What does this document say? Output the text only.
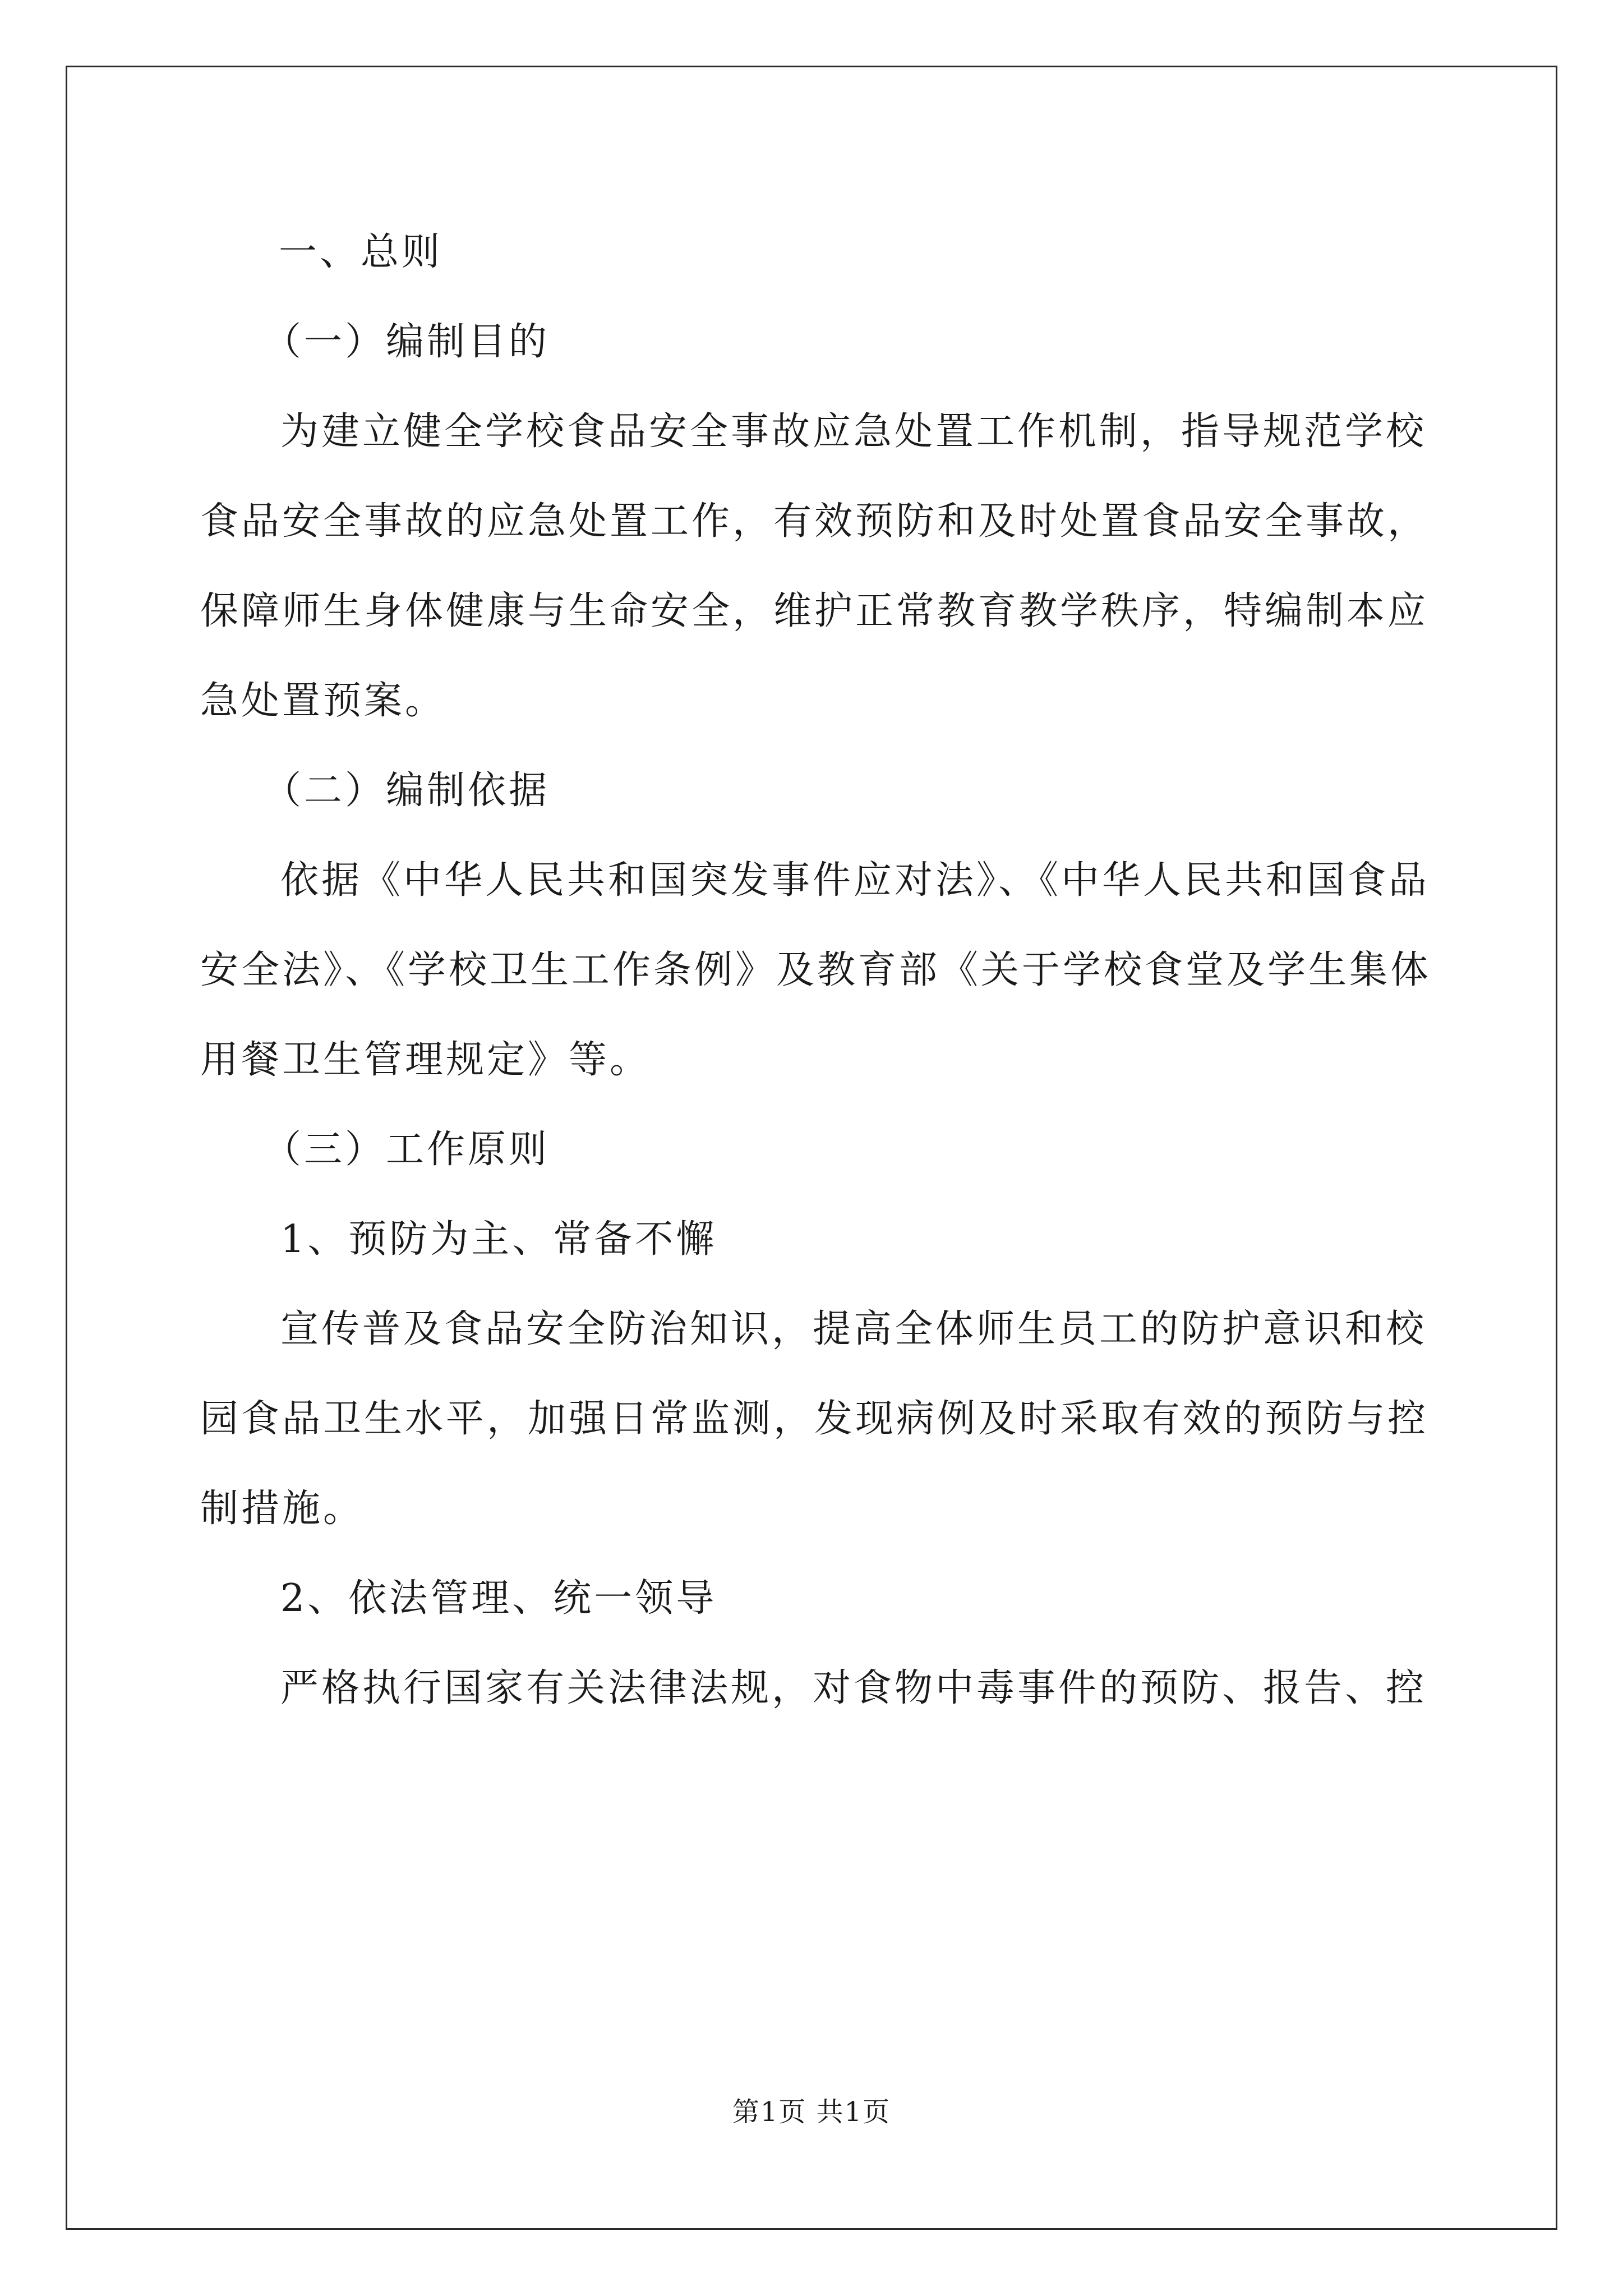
一、总则
（一）编制目的
为建立健全学校食品安全事故应急处置工作机制，指导规范学校
食品安全事故的应急处置工作，有效预防和及时处置食品安全事故，
保障师生身体健康与生命安全，维护正常教育教学秩序，特编制本应
急处置预案。
（二）编制依据
依据《中华人民共和国突发事件应对法》、《中华人民共和国食品
安全法》、《学校卫生工作条例》及教育部《关于学校食堂及学生集体
用餐卫生管理规定》等。
（三）工作原则
1、预防为主、常备不懈
宣传普及食品安全防治知识，提高全体师生员工的防护意识和校
园食品卫生水平，加强日常监测，发现病例及时采取有效的预防与控
制措施。
2、依法管理、统一领导
严格执行国家有关法律法规，对食物中毒事件的预防、报告、控
第1页 共1页
